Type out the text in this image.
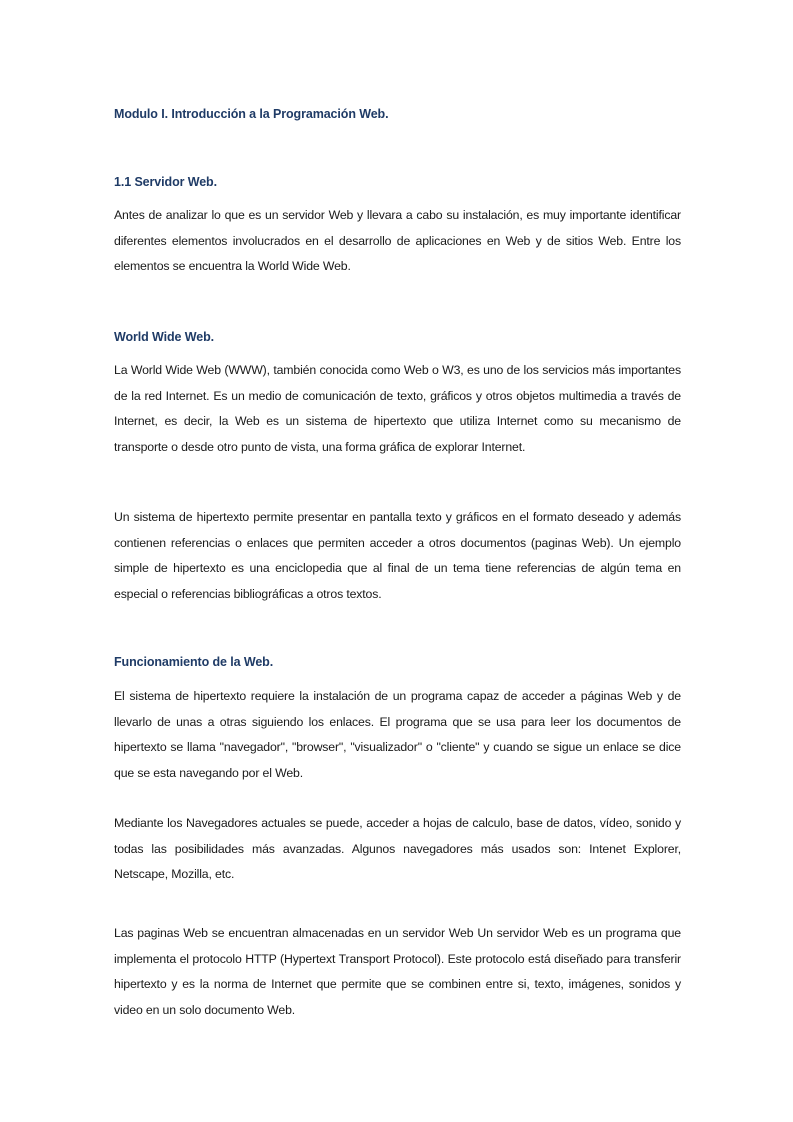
Modulo I. Introducción a la Programación Web.
1.1 Servidor Web.

Antes de analizar lo que es un servidor Web y llevara a cabo su instalación, es muy importante identificar diferentes elementos involucrados en el desarrollo de aplicaciones en Web y de sitios Web. Entre los elementos se encuentra la World Wide Web.

World Wide Web.

La World Wide Web (WWW), también conocida como Web o W3, es uno de los servicios más importantes de la red Internet. Es un medio de comunicación de texto, gráficos y otros objetos multimedia a través de Internet, es decir, la Web es un sistema de hipertexto que utiliza Internet como su mecanismo de transporte o desde otro punto de vista, una forma gráfica de explorar Internet.

Un sistema de hipertexto permite presentar en pantalla texto y gráficos en el formato deseado y además contienen referencias o enlaces que permiten acceder a otros documentos (paginas Web). Un ejemplo simple de hipertexto es una enciclopedia que al final de un tema tiene referencias de algún tema en especial o referencias bibliográficas a otros textos.

Funcionamiento de la Web.

El sistema de hipertexto requiere la instalación de un programa capaz de acceder a páginas Web y de llevarlo de unas a otras siguiendo los enlaces. El programa que se usa para leer los documentos de hipertexto se llama "navegador", "browser", "visualizador" o "cliente" y cuando se sigue un enlace se dice que se esta navegando por el Web.

Mediante los Navegadores actuales se puede, acceder a hojas de calculo, base de datos, vídeo, sonido y todas las posibilidades más avanzadas. Algunos navegadores más usados son: Intenet Explorer, Netscape, Mozilla, etc.

Las paginas Web se encuentran almacenadas en un servidor Web Un servidor Web es un programa que implementa el protocolo HTTP (Hypertext Transport Protocol). Este protocolo está diseñado para transferir hipertexto y es la norma de Internet que permite que se combinen entre si, texto, imágenes, sonidos y video en un solo documento Web.
